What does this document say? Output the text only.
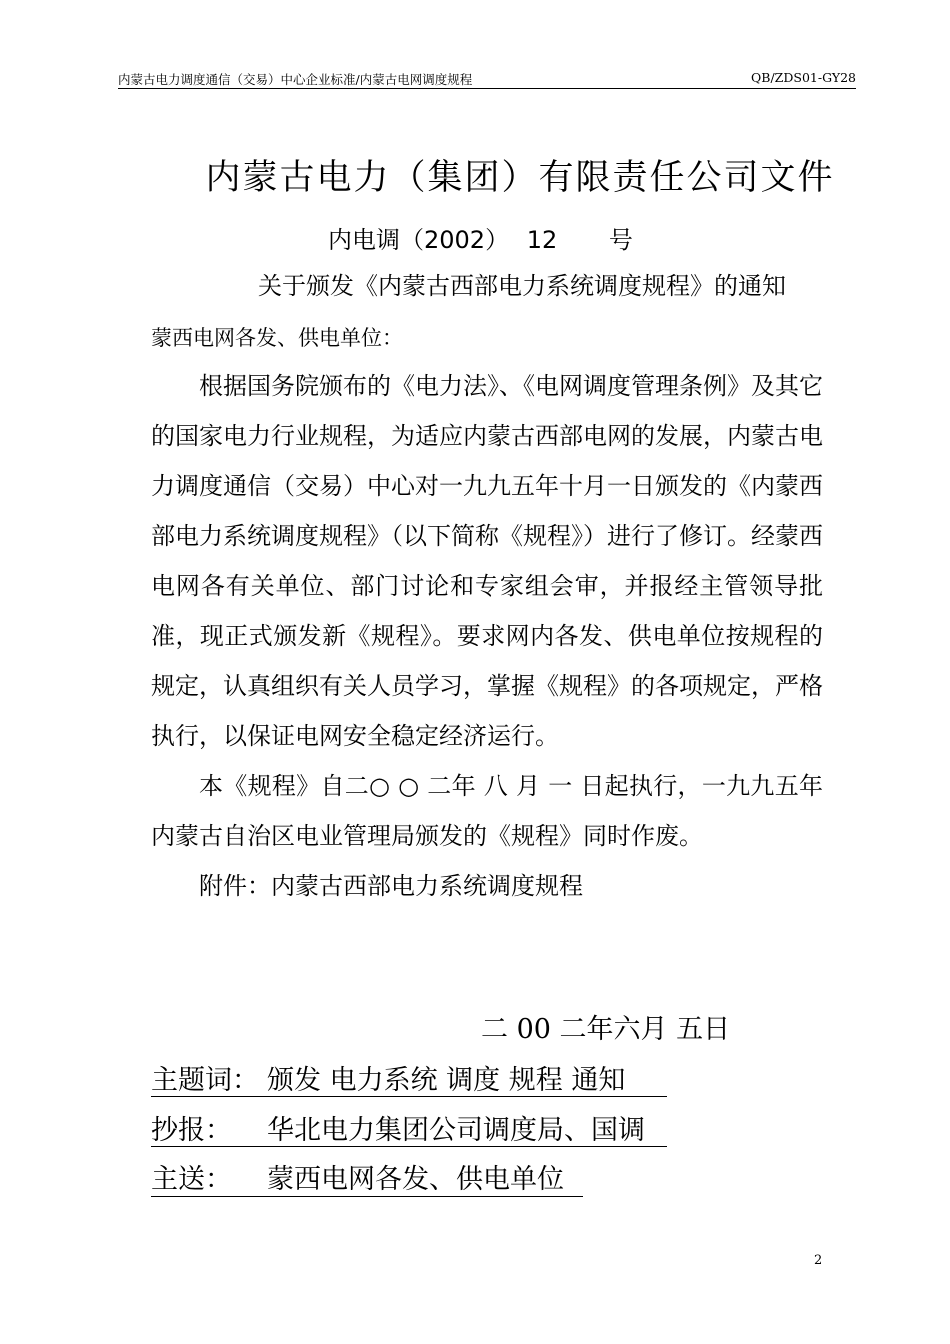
内蒙古电力调度通信（交易）中心企业标准/内蒙古电网调度规程	QB/ZDS01-GY28
内蒙古电力（集团）有限责任公司文件
内电调（2002） 12 号
关于颁发《内蒙古西部电力系统调度规程》的通知
蒙西电网各发、供电单位：

根据国务院颁布的《电力法》、《电网调度管理条例》及其它的国家电力行业规程，为适应内蒙古西部电网的发展，内蒙古电力调度通信（交易）中心对一九九五年十月一日颁发的《内蒙西部电力系统调度规程》（以下简称《规程》）进行了修订。经蒙西电网各有关单位、部门讨论和专家组会审，并报经主管领导批准，现正式颁发新《规程》。要求网内各发、供电单位按规程的规定，认真组织有关人员学习，掌握《规程》的各项规定，严格执行，以保证电网安全稳定经济运行。

本《规程》自二○ ○ 二年 八 月 一 日起执行，一九九五年内蒙古自治区电业管理局颁发的《规程》同时作废。

附件：内蒙古西部电力系统调度规程

二 00 二年六月 五日
主题词： 颁发 电力系统 调度 规程 通知
抄报： 华北电力集团公司调度局、国调
主送： 蒙西电网各发、供电单位
2
